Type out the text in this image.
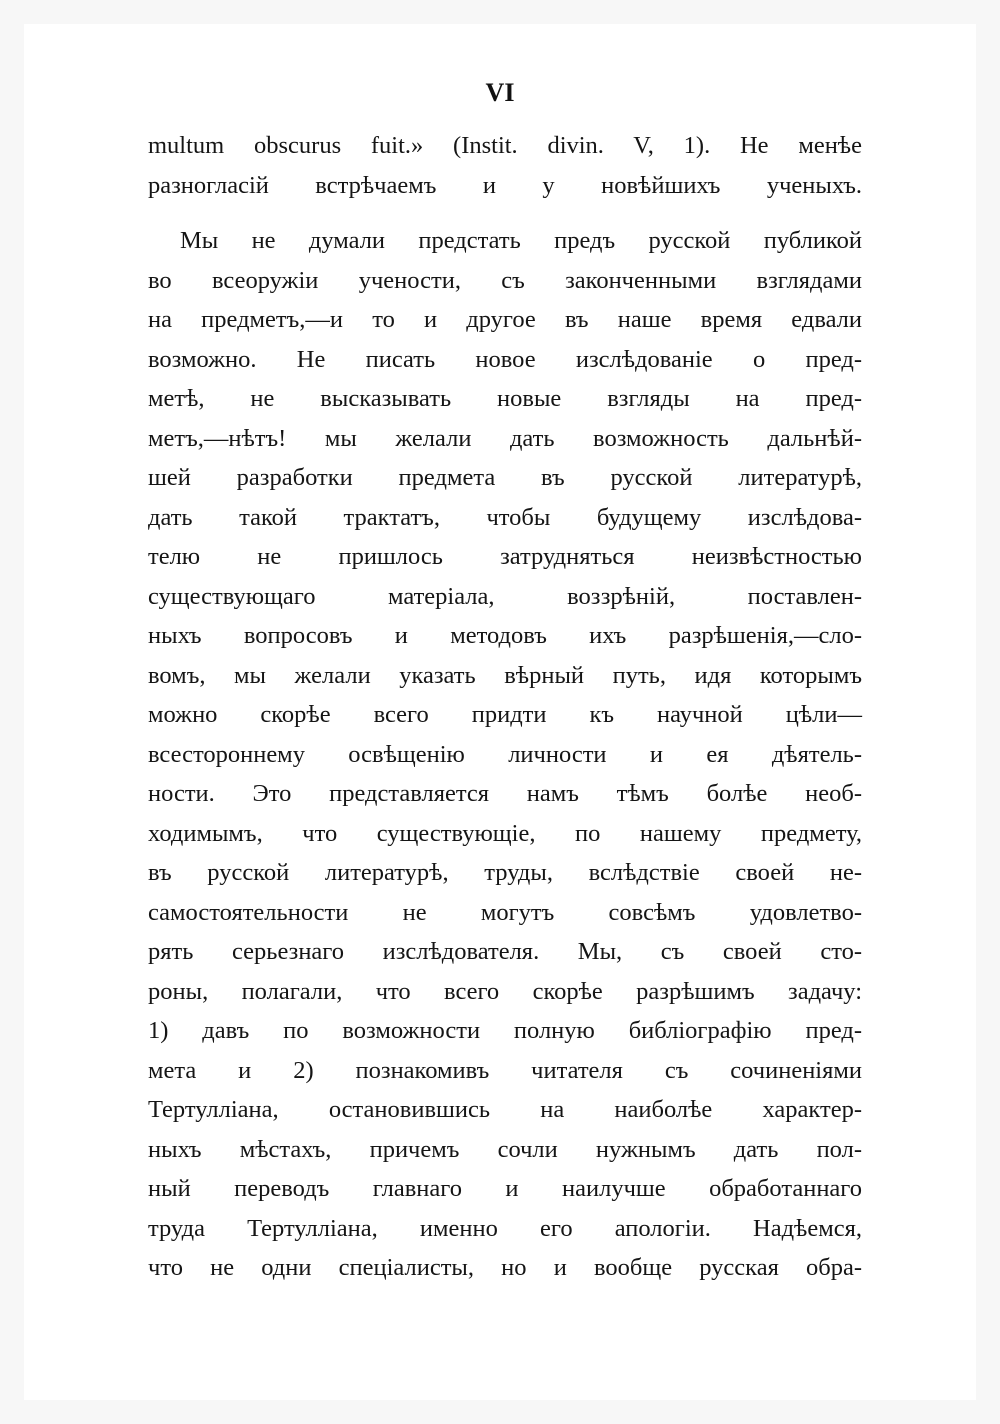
VI
multum obscurus fuit.» (Instit. divin. V, 1). Не менѣе
разногласій встрѣчаемъ и у новѣйшихъ ученыхъ.
Мы не думали предстать предъ русской публикой
во всеоружіи учености, съ законченными взглядами
на предметъ,—и то и другое въ наше время едвали
возможно. Не писать новое изслѣдованіе о пред-
метѣ, не высказывать новые взгляды на пред-
метъ,—нѣтъ! мы желали дать возможность дальнѣй-
шей разработки предмета въ русской литературѣ,
дать такой трактатъ, чтобы будущему изслѣдова-
телю не пришлось затрудняться неизвѣстностью
существующаго матеріала, воззрѣній, поставлен-
ныхъ вопросовъ и методовъ ихъ разрѣшенія,—сло-
вомъ, мы желали указать вѣрный путь, идя которымъ
можно скорѣе всего придти къ научной цѣли—
всестороннему освѣщенію личности и ея дѣятель-
ности. Это представляется намъ тѣмъ болѣе необ-
ходимымъ, что существующіе, по нашему предмету,
въ русской литературѣ, труды, вслѣдствіе своей не-
самостоятельности не могутъ совсѣмъ удовлетво-
рять серьезнаго изслѣдователя. Мы, съ своей сто-
роны, полагали, что всего скорѣе разрѣшимъ задачу:
1) давъ по возможности полную библіографію пред-
мета и 2) познакомивъ читателя съ сочиненіями
Тертулліана, остановившись на наиболѣе характер-
ныхъ мѣстахъ, причемъ сочли нужнымъ дать пол-
ный переводъ главнаго и наилучше обработаннаго
труда Тертулліана, именно его апологіи. Надѣемся,
что не одни спеціалисты, но и вообще русская обра-
